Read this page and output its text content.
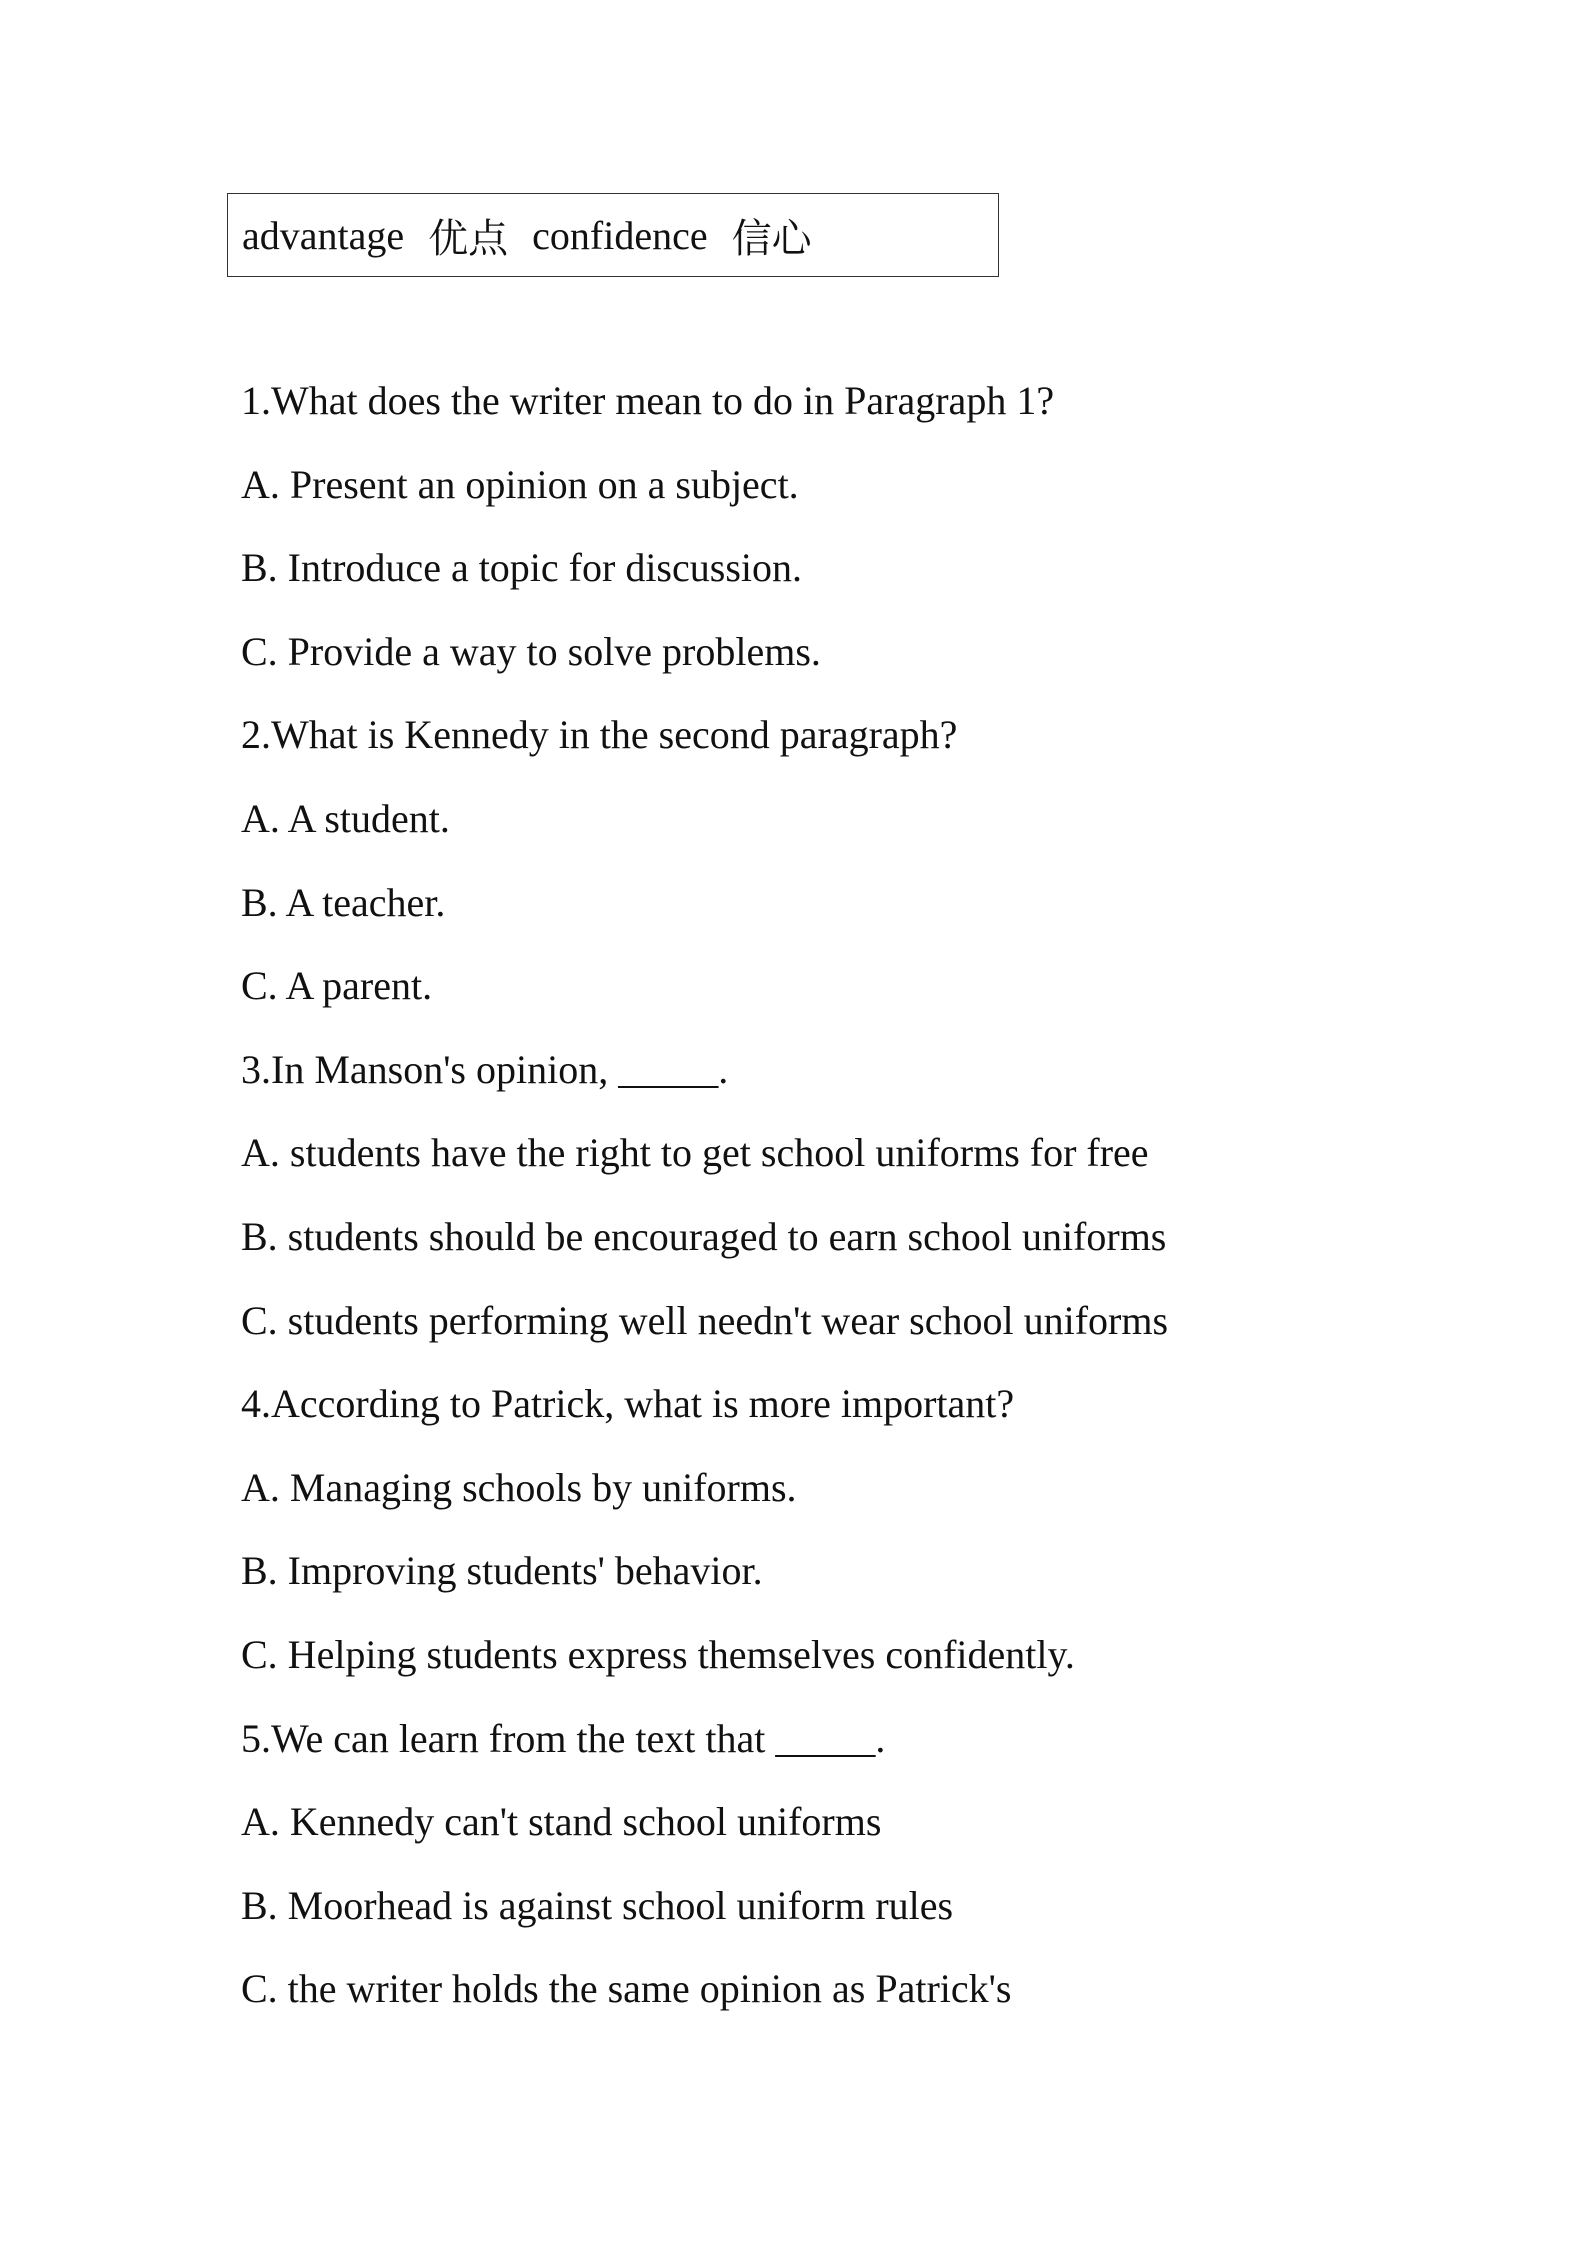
advantage 优点 confidence 信心
1.What does the writer mean to do in Paragraph 1?
A. Present an opinion on a subject.
B. Introduce a topic for discussion.
C. Provide a way to solve problems.
2.What is Kennedy in the second paragraph?
A. A student.
B. A teacher.
C. A parent.
3.In Manson's opinion, _____.
A. students have the right to get school uniforms for free
B. students should be encouraged to earn school uniforms
C. students performing well needn't wear school uniforms
4.According to Patrick, what is more important?
A. Managing schools by uniforms.
B. Improving students' behavior.
C. Helping students express themselves confidently.
5.We can learn from the text that _____.
A. Kennedy can't stand school uniforms
B. Moorhead is against school uniform rules
C. the writer holds the same opinion as Patrick's
